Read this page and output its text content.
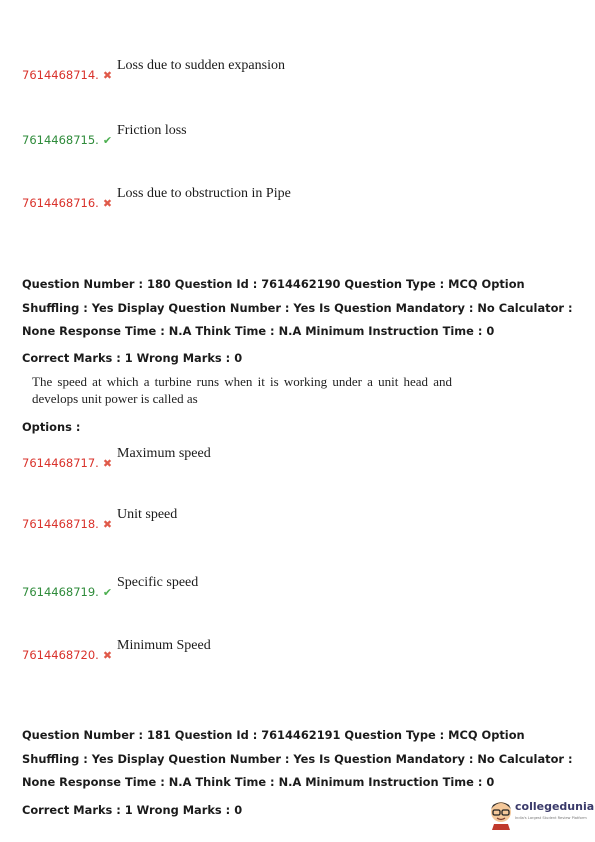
7614468714. ✖
Loss due to sudden expansion
7614468715. ✔
Friction loss
7614468716. ✖
Loss due to obstruction in Pipe
Question Number : 180 Question Id : 7614462190 Question Type : MCQ Option Shuffling : Yes Display Question Number : Yes Is Question Mandatory : No Calculator : None Response Time : N.A Think Time : N.A Minimum Instruction Time : 0
Correct Marks : 1 Wrong Marks : 0
The speed at which a turbine runs when it is working under a unit head and develops unit power is called as
Options :
7614468717. ✖
Maximum speed
7614468718. ✖
Unit speed
7614468719. ✔
Specific speed
7614468720. ✖
Minimum Speed
Question Number : 181 Question Id : 7614462191 Question Type : MCQ Option Shuffling : Yes Display Question Number : Yes Is Question Mandatory : No Calculator : None Response Time : N.A Think Time : N.A Minimum Instruction Time : 0
Correct Marks : 1 Wrong Marks : 0	collegedunia
India's Largest Student Review Platform
